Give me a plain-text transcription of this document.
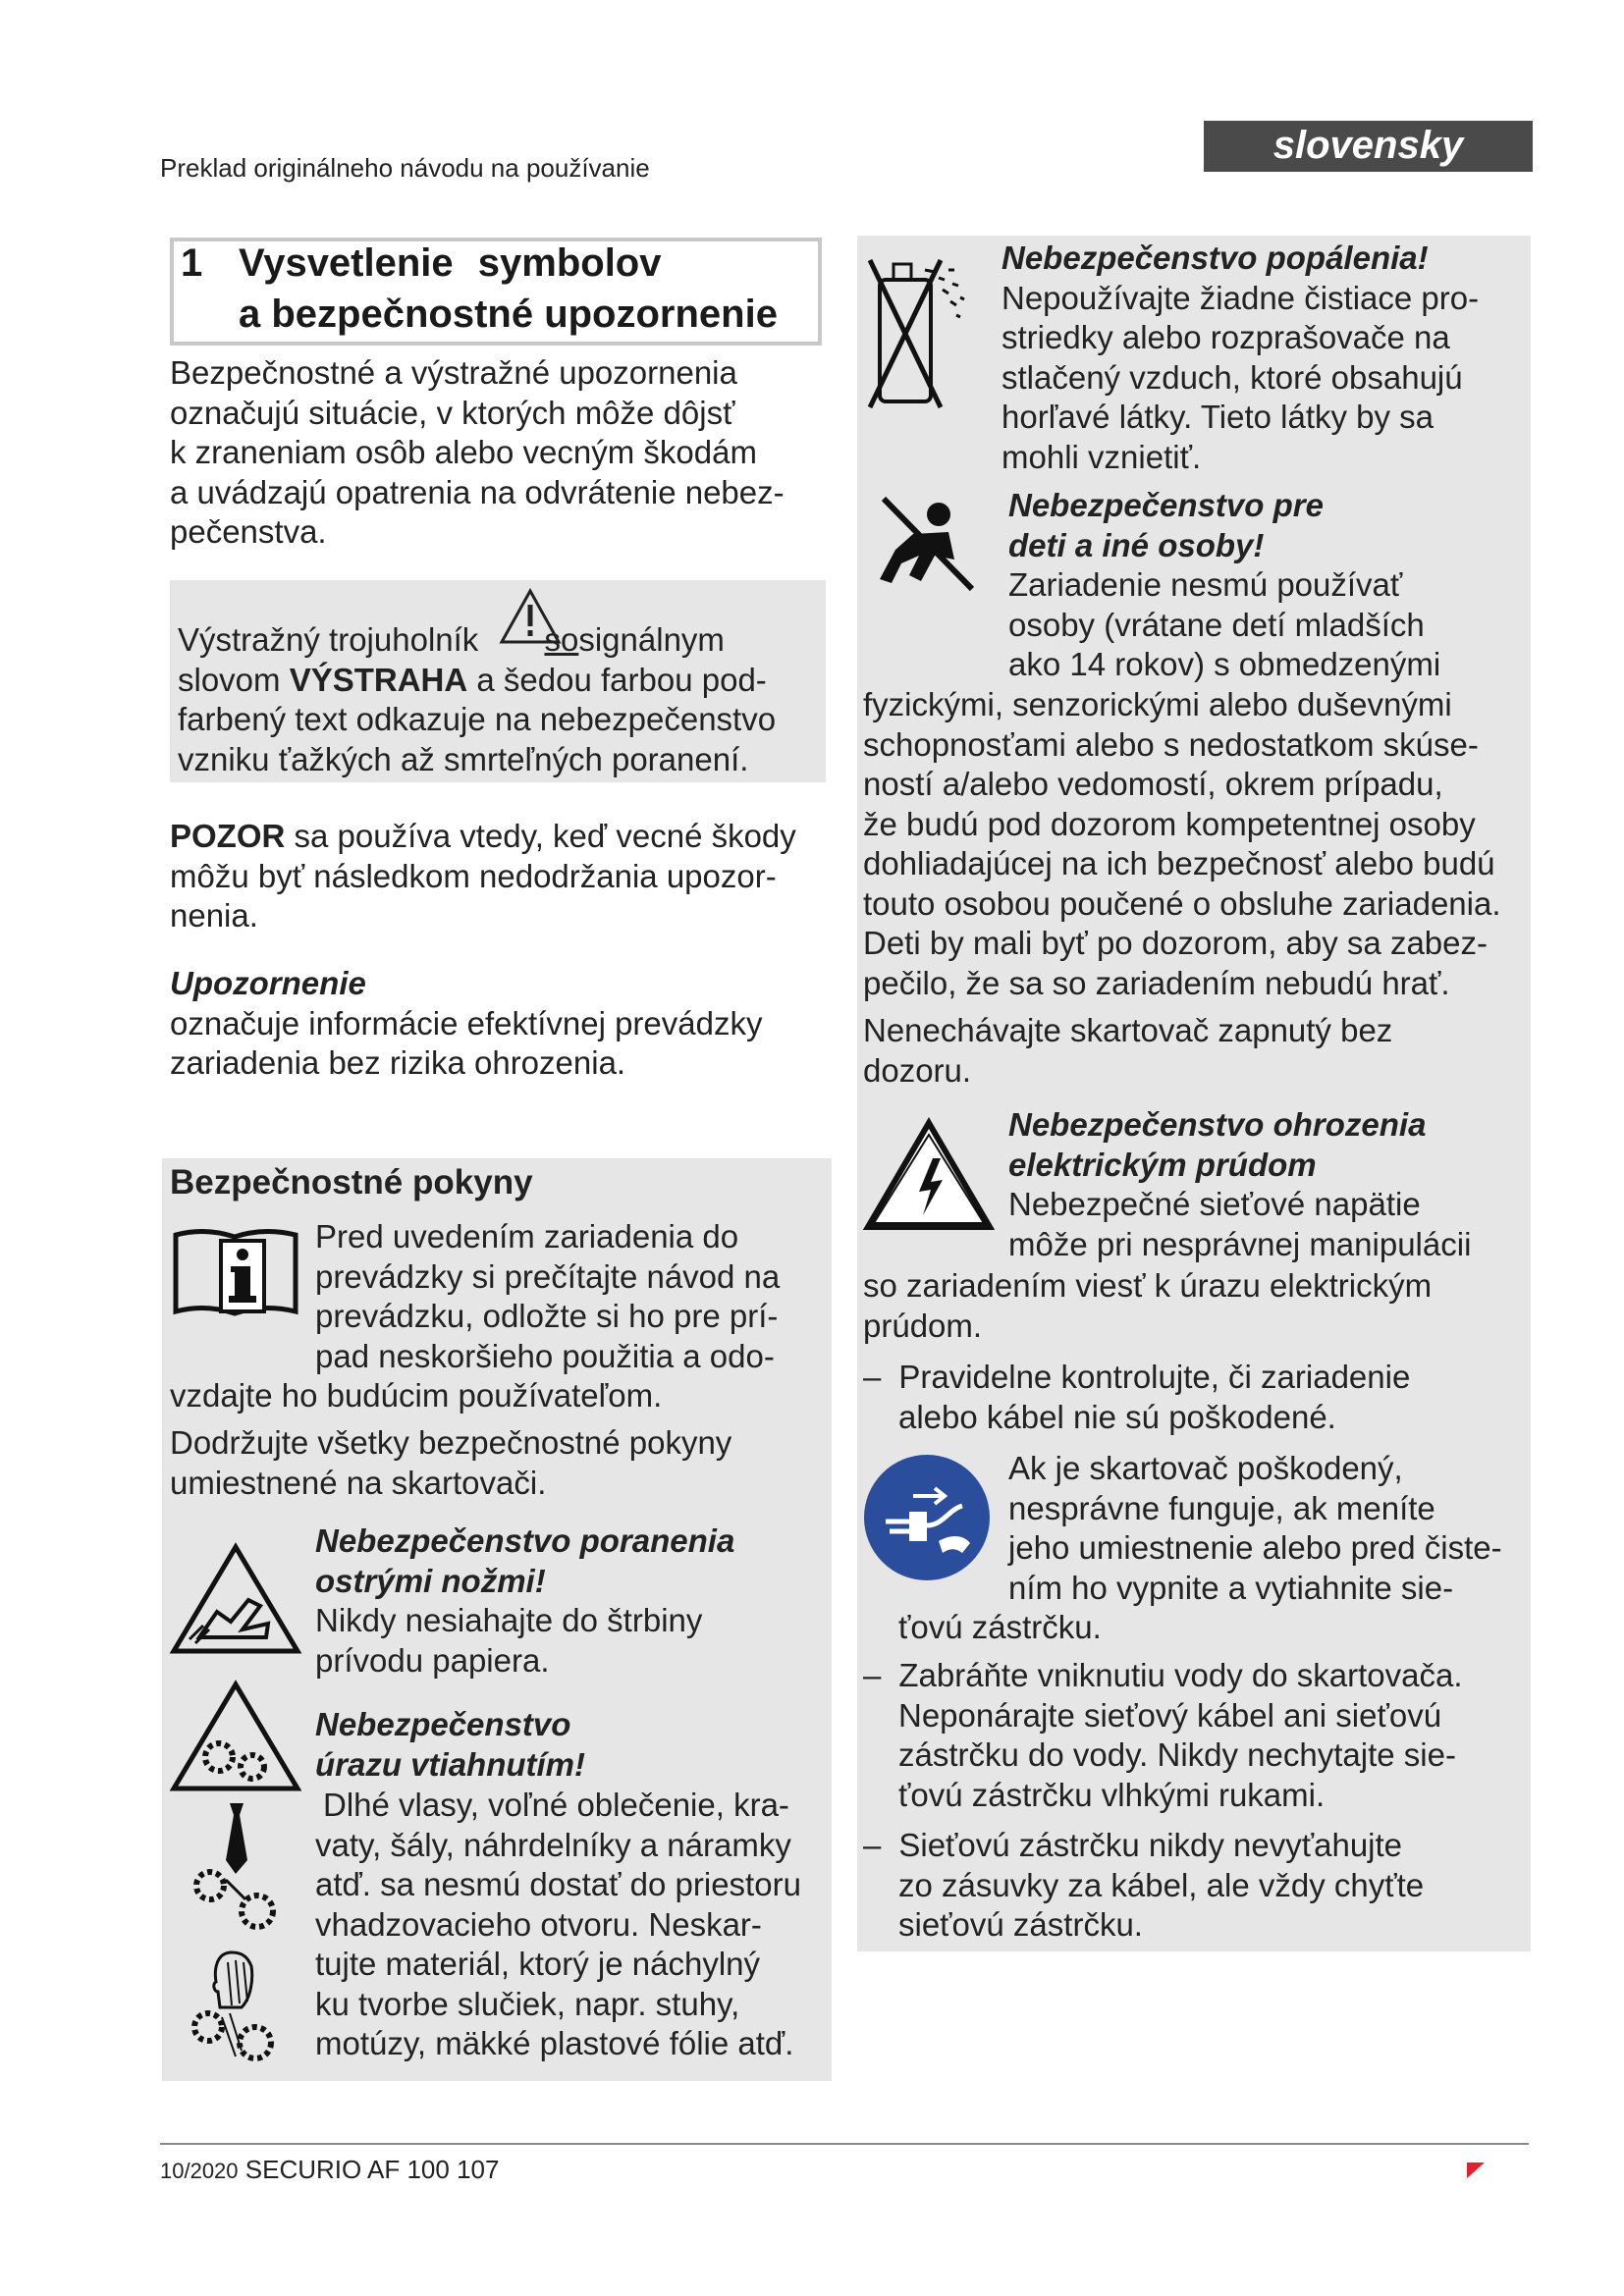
Preklad originálneho návodu na používanie
slovensky
1 Vysvetlenie symbolov
a bezpečnostné upozornenie
Bezpečnostné a výstražné upozornenia
označujú situácie, v ktorých môže dôjsť
k zraneniam osôb alebo vecným škodám
a uvádzajú opatrenia na odvrátenie nebez-
pečenstva.
Výstražný trojuholník sosignálnym
slovom VÝSTRAHA a šedou farbou pod-
farbený text odkazuje na nebezpečenstvo
vzniku ťažkých až smrteľných poranení.
POZOR sa používa vtedy, keď vecné škody
môžu byť následkom nedodržania upozor-
nenia.
Upozornenie
označuje informácie efektívnej prevádzky
zariadenia bez rizika ohrozenia.
Bezpečnostné pokyny
Pred uvedením zariadenia do
prevádzky si prečítajte návod na
prevádzku, odložte si ho pre prí-
pad neskoršieho použitia a odo-
vzdajte ho budúcim používateľom.
Dodržujte všetky bezpečnostné pokyny
umiestnené na skartovači.
Nebezpečenstvo poranenia
ostrými nožmi!
Nikdy nesiahajte do štrbiny
prívodu papiera.
Nebezpečenstvo
úrazu vtiahnutím!
Dlhé vlasy, voľné oblečenie, kra-
vaty, šály, náhrdelníky a náramky
atď. sa nesmú dostať do priestoru
vhadzovacieho otvoru. Neskar-
tujte materiál, ktorý je náchylný
ku tvorbe slučiek, napr. stuhy,
motúzy, mäkké plastové fólie atď.
Nebezpečenstvo popálenia!
Nepoužívajte žiadne čistiace pro-
striedky alebo rozprašovače na
stlačený vzduch, ktoré obsahujú
horľavé látky. Tieto látky by sa
mohli vznietiť.
Nebezpečenstvo pre
deti a iné osoby!
Zariadenie nesmú používať
osoby (vrátane detí mladších
ako 14 rokov) s obmedzenými
fyzickými, senzorickými alebo duševnými
schopnosťami alebo s nedostatkom skúse-
ností a/alebo vedomostí, okrem prípadu,
že budú pod dozorom kompetentnej osoby
dohliadajúcej na ich bezpečnosť alebo budú
touto osobou poučené o obsluhe zariadenia.
Deti by mali byť po dozorom, aby sa zabez-
pečilo, že sa so zariadením nebudú hrať.
Nenechávajte skartovač zapnutý bez
dozoru.
Nebezpečenstvo ohrozenia
elektrickým prúdom
Nebezpečné sieťové napätie
môže pri nesprávnej manipulácii
so zariadením viesť k úrazu elektrickým
prúdom.
– Pravidelne kontrolujte, či zariadenie
alebo kábel nie sú poškodené.
Ak je skartovač poškodený,
nesprávne funguje, ak meníte
jeho umiestnenie alebo pred čiste-
ním ho vypnite a vytiahnite sie-
ťovú zástrčku.
– Zabráňte vniknutiu vody do skartovača.
Neponárajte sieťový kábel ani sieťovú
zástrčku do vody. Nikdy nechytajte sie-
ťovú zástrčku vlhkými rukami.
– Sieťovú zástrčku nikdy nevyťahujte
zo zásuvky za kábel, ale vždy chyťte
sieťovú zástrčku.
10/2020 SECURIO AF 100 107
